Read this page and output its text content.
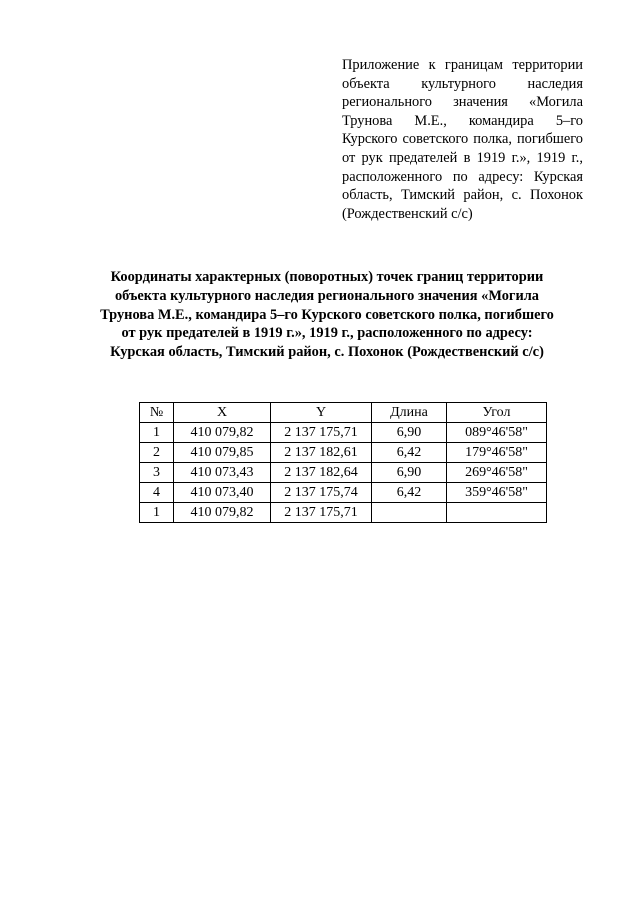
Приложение к границам территории объекта культурного наследия регионального значения «Могила Трунова М.Е., командира 5–го Курского советского полка, погибшего от рук предателей в 1919 г.», 1919 г., расположенного по адресу: Курская область, Тимский район, с. Похонок (Рождественский с/с)
Координаты характерных (поворотных) точек границ территории объекта культурного наследия регионального значения «Могила Трунова М.Е., командира 5–го Курского советского полка, погибшего от рук предателей в 1919 г.», 1919 г., расположенного по адресу: Курская область, Тимский район, с. Похонок (Рождественский с/с)
№	X	Y	Длина	Угол
1	410 079,82	2 137 175,71	6,90	089°46'58"
2	410 079,85	2 137 182,61	6,42	179°46'58"
3	410 073,43	2 137 182,64	6,90	269°46'58"
4	410 073,40	2 137 175,74	6,42	359°46'58"
1	410 079,82	2 137 175,71		
